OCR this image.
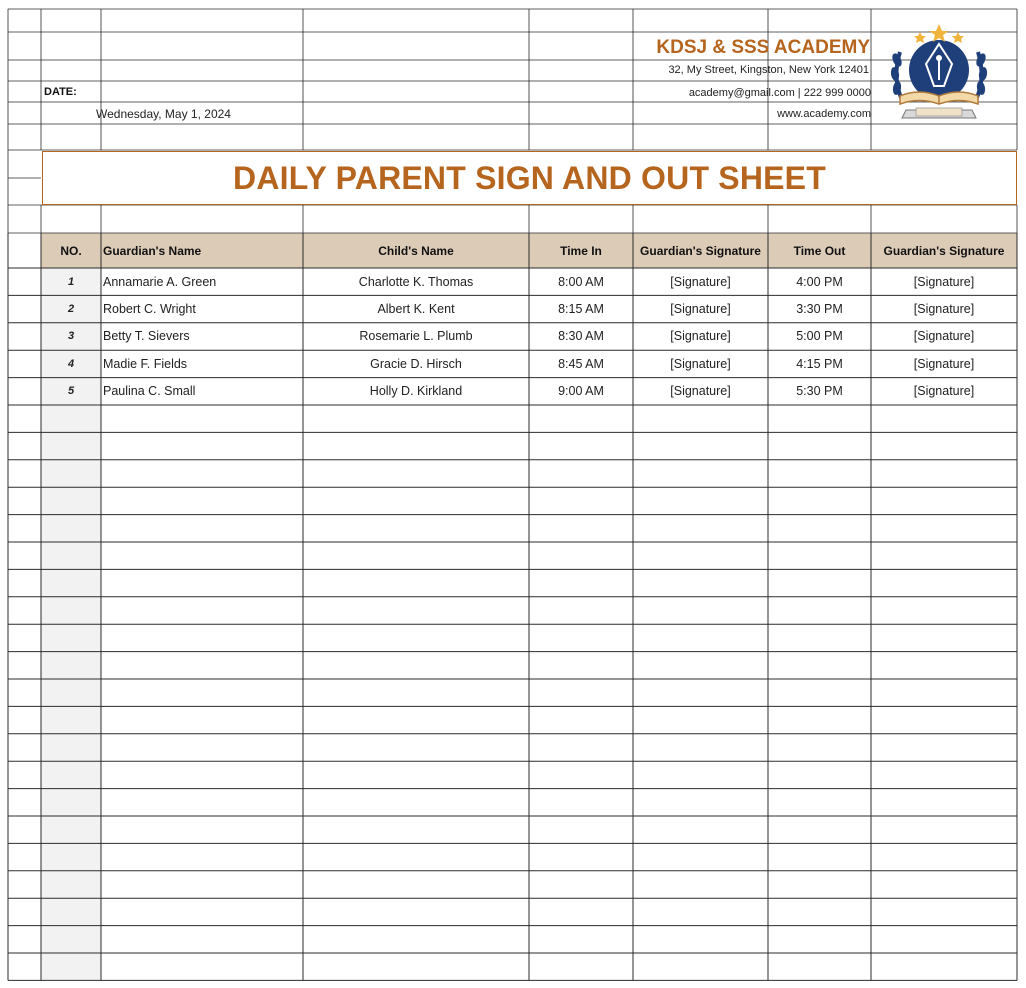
KDSJ & SSS ACADEMY
32, My Street, Kingston, New York 12401
academy@gmail.com | 222 999 0000
www.academy.com
DATE:
Wednesday, May 1, 2024
DAILY PARENT SIGN AND OUT SHEET
NO.	Guardian's Name	Child's Name	Time In	Guardian's Signature	Time Out	Guardian's Signature
1	Annamarie A. Green	Charlotte K. Thomas	8:00 AM	[Signature]	4:00 PM	[Signature]
2	Robert C. Wright	Albert K. Kent	8:15 AM	[Signature]	3:30 PM	[Signature]
3	Betty T. Sievers	Rosemarie L. Plumb	8:30 AM	[Signature]	5:00 PM	[Signature]
4	Madie F. Fields	Gracie D. Hirsch	8:45 AM	[Signature]	4:15 PM	[Signature]
5	Paulina C. Small	Holly D. Kirkland	9:00 AM	[Signature]	5:30 PM	[Signature]
